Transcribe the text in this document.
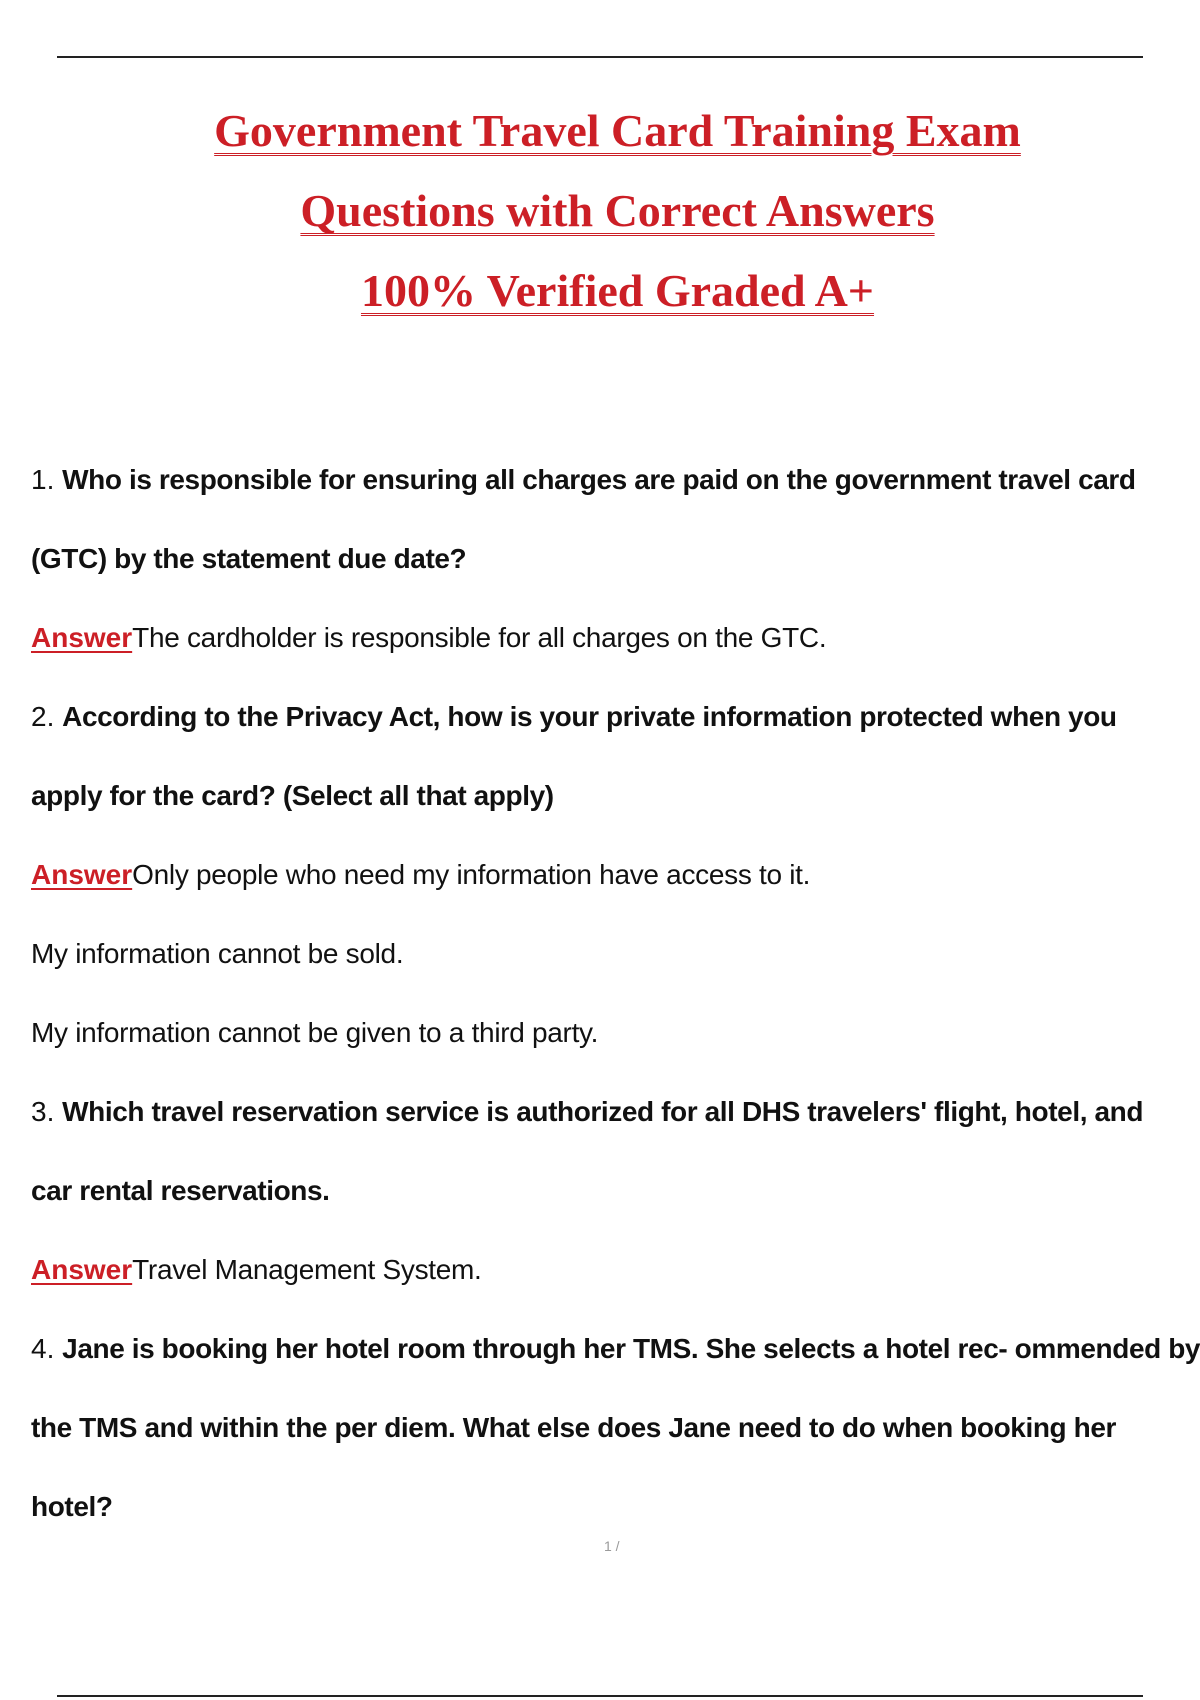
Government Travel Card Training Exam
Questions with Correct Answers
100% Verified Graded A+
1. Who is responsible for ensuring all charges are paid on the government travel card
(GTC) by the statement due date?
AnswerThe cardholder is responsible for all charges on the GTC.
2. According to the Privacy Act, how is your private information protected when you
apply for the card? (Select all that apply)
AnswerOnly people who need my information have access to it.
My information cannot be sold.
My information cannot be given to a third party.
3. Which travel reservation service is authorized for all DHS travelers' flight, hotel, and
car rental reservations.
AnswerTravel Management System.
4. Jane is booking her hotel room through her TMS. She selects a hotel rec- ommended by
the TMS and within the per diem. What else does Jane need to do when booking her
hotel?
1 /
